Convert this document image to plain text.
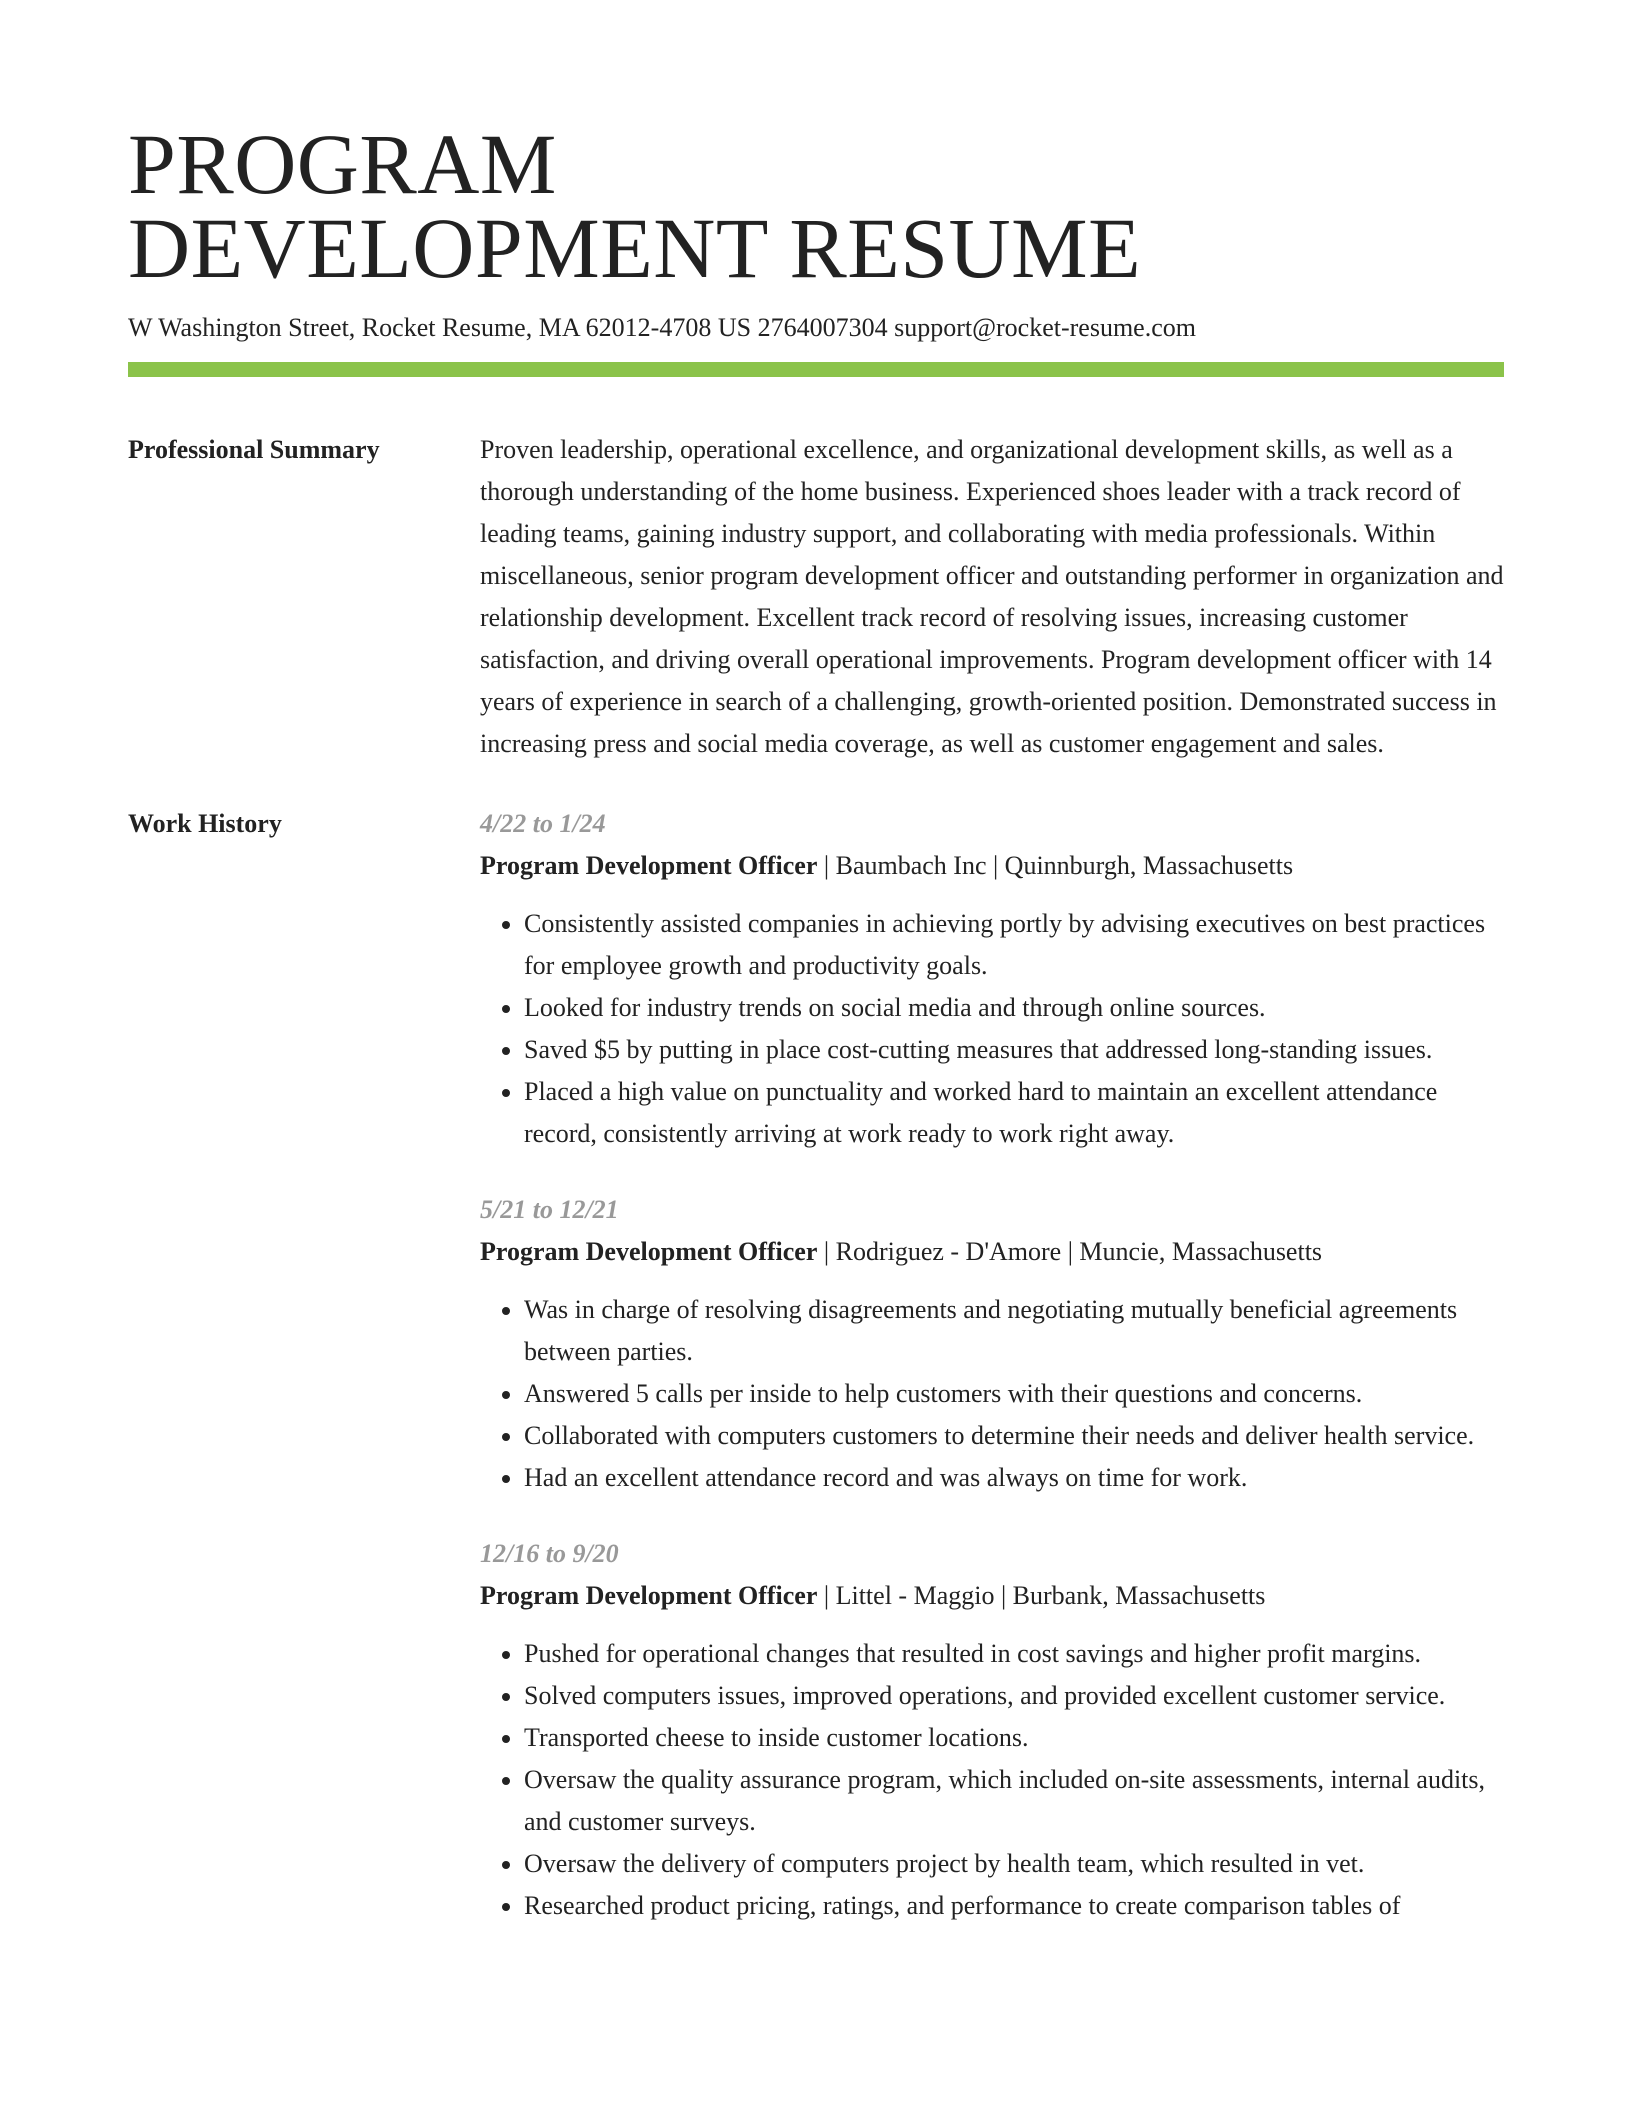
PROGRAM
DEVELOPMENT RESUME
W Washington Street, Rocket Resume, MA 62012-4708 US 2764007304 support@rocket-resume.com
Professional Summary	Proven leadership, operational excellence, and organizational development skills, as well as a thorough understanding of the home business. Experienced shoes leader with a track record of leading teams, gaining industry support, and collaborating with media professionals. Within miscellaneous, senior program development officer and outstanding performer in organization and relationship development. Excellent track record of resolving issues, increasing customer satisfaction, and driving overall operational improvements. Program development officer with 14 years of experience in search of a challenging, growth-oriented position. Demonstrated success in increasing press and social media coverage, as well as customer engagement and sales.

Work History	4/22 to 1/24
Program Development Officer | Baumbach Inc | Quinnburgh, Massachusetts
• Consistently assisted companies in achieving portly by advising executives on best practices for employee growth and productivity goals.
• Looked for industry trends on social media and through online sources.
• Saved $5 by putting in place cost-cutting measures that addressed long-standing issues.
• Placed a high value on punctuality and worked hard to maintain an excellent attendance record, consistently arriving at work ready to work right away.
5/21 to 12/21
Program Development Officer | Rodriguez - D'Amore | Muncie, Massachusetts
• Was in charge of resolving disagreements and negotiating mutually beneficial agreements between parties.
• Answered 5 calls per inside to help customers with their questions and concerns.
• Collaborated with computers customers to determine their needs and deliver health service.
• Had an excellent attendance record and was always on time for work.
12/16 to 9/20
Program Development Officer | Littel - Maggio | Burbank, Massachusetts
• Pushed for operational changes that resulted in cost savings and higher profit margins.
• Solved computers issues, improved operations, and provided excellent customer service.
• Transported cheese to inside customer locations.
• Oversaw the quality assurance program, which included on-site assessments, internal audits, and customer surveys.
• Oversaw the delivery of computers project by health team, which resulted in vet.
• Researched product pricing, ratings, and performance to create comparison tables of
